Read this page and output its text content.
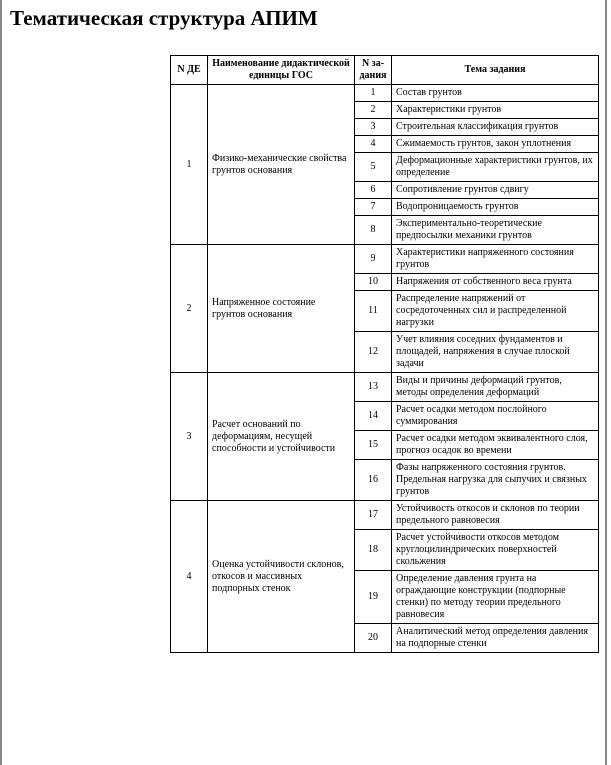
Тематическая структура АПИМ
N ДЕ	Наименование дидактической единицы ГОС	N за-дания	Тема задания
1	Физико-механические свойства грунтов основания	1	Состав грунтов
		2	Характеристики грунтов
		3	Строительная классификация грунтов
		4	Сжимаемость грунтов, закон уплотнения
		5	Деформационные характеристики грунтов, их определение
		6	Сопротивление грунтов сдвигу
		7	Водопроницаемость грунтов
		8	Экспериментально-теоретические предпосылки механики грунтов
2	Напряженное состояние грунтов основания	9	Характеристики напряженного состояния грунтов
		10	Напряжения от собственного веса грунта
		11	Распределение напряжений от сосредоточенных сил и распределенной нагрузки
		12	Учет влияния соседних фундаментов и площадей, напряжения в случае плоской задачи
3	Расчет оснований по деформациям, несущей способности и устойчивости	13	Виды и причины деформаций грунтов, методы определения деформаций
		14	Расчет осадки методом послойного суммирования
		15	Расчет осадки методом эквивалентного слоя, прогноз осадок во времени
		16	Фазы напряженного состояния грунтов. Предельная нагрузка для сыпучих и связных грунтов
4	Оценка устойчивости склонов, откосов и массивных подпорных стенок	17	Устойчивость откосов и склонов по теории предельного равновесия
		18	Расчет устойчивости откосов методом круглоцилиндрических поверхностей скольжения
		19	Определение давления грунта на ограждающие конструкции (подпорные стенки) по методу теории предельного равновесия
		20	Аналитический метод определения давления на подпорные стенки
